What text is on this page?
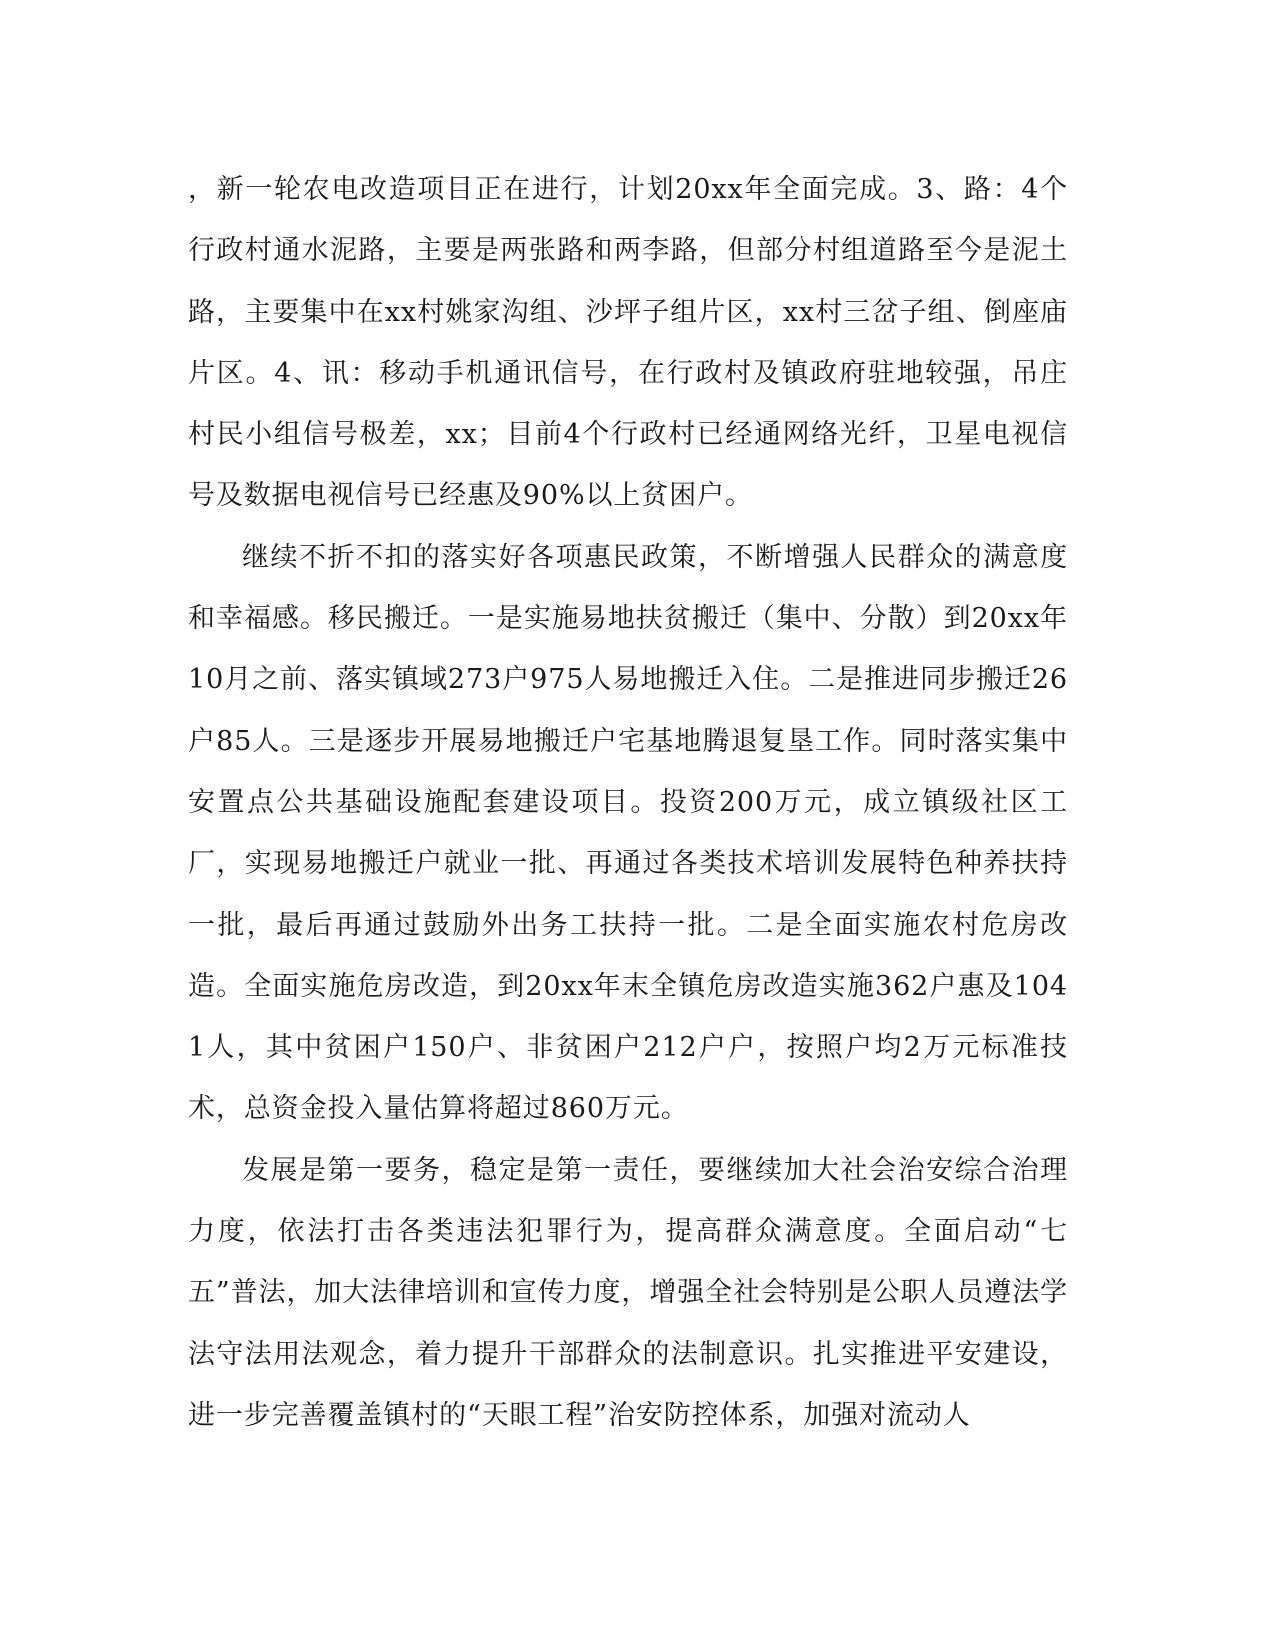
，新一轮农电改造项目正在进行，计划20xx年全面完成。3、路：4个行政村通水泥路，主要是两张路和两李路，但部分村组道路至今是泥土路，主要集中在xx村姚家沟组、沙坪子组片区，xx村三岔子组、倒座庙片区。4、讯：移动手机通讯信号，在行政村及镇政府驻地较强，吊庄村民小组信号极差，xx；目前4个行政村已经通网络光纤，卫星电视信号及数据电视信号已经惠及90%以上贫困户。

继续不折不扣的落实好各项惠民政策，不断增强人民群众的满意度和幸福感。移民搬迁。一是实施易地扶贫搬迁（集中、分散）到20xx年10月之前、落实镇域273户975人易地搬迁入住。二是推进同步搬迁26户85人。三是逐步开展易地搬迁户宅基地腾退复垦工作。同时落实集中安置点公共基础设施配套建设项目。投资200万元，成立镇级社区工厂，实现易地搬迁户就业一批、再通过各类技术培训发展特色种养扶持一批，最后再通过鼓励外出务工扶持一批。二是全面实施农村危房改造。全面实施危房改造，到20xx年末全镇危房改造实施362户惠及1041人，其中贫困户150户、非贫困户212户户，按照户均2万元标准技术，总资金投入量估算将超过860万元。

发展是第一要务，稳定是第一责任，要继续加大社会治安综合治理力度，依法打击各类违法犯罪行为，提高群众满意度。全面启动“七五”普法，加大法律培训和宣传力度，增强全社会特别是公职人员遵法学法守法用法观念，着力提升干部群众的法制意识。扎实推进平安建设，进一步完善覆盖镇村的“天眼工程”治安防控体系，加强对流动人
